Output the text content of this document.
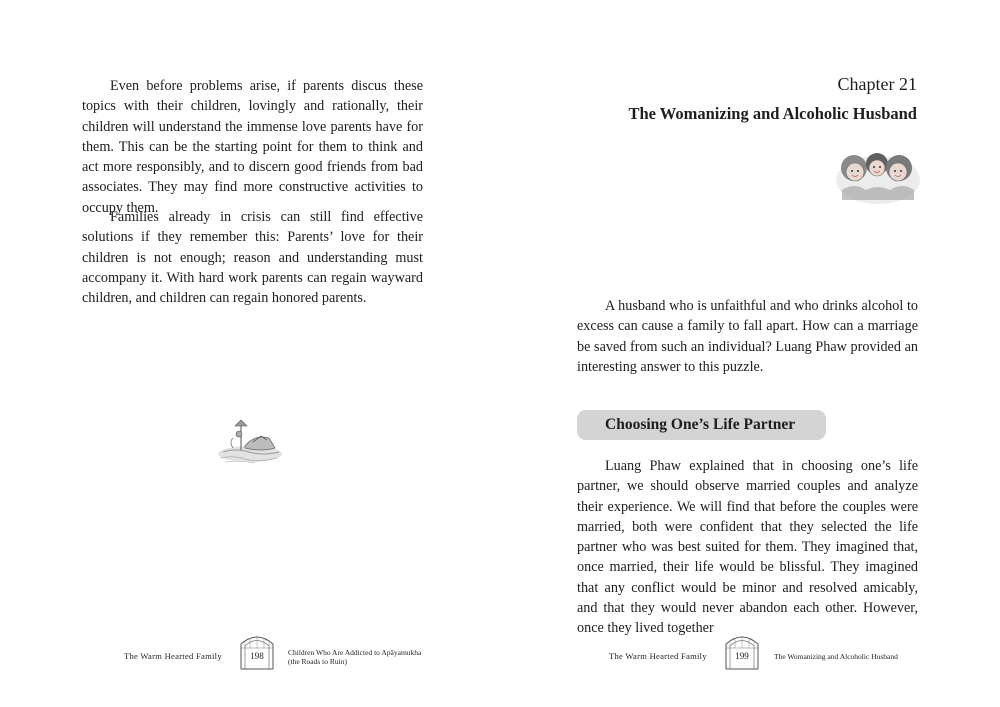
Even before problems arise, if parents discus these topics with their children, lovingly and rationally, their children will understand the immense love parents have for them. This can be the starting point for them to think and act more responsibly, and to discern good friends from bad associates. They may find more constructive activities to occupy them.

Families already in crisis can still find effective solutions if they remember this: Parents’ love for their children is not enough; reason and understanding must accompany it. With hard work parents can regain wayward children, and children can regain honored parents.

The Warm Hearted Family	198	Children Who Are Addicted to Apāyamukha
(the Roads to Ruin)
Chapter 21
The Womanizing and Alcoholic Husband

A husband who is unfaithful and who drinks alcohol to excess can cause a family to fall apart. How can a marriage be saved from such an individual? Luang Phaw provided an interesting answer to this puzzle.

Choosing One’s Life Partner

Luang Phaw explained that in choosing one’s life partner, we should observe married couples and analyze their experience. We will find that before the couples were married, both were confident that they selected the life partner who was best suited for them. They imagined that, once married, their life would be blissful. They imagined that any conflict would be minor and resolved amicably, and that they would never abandon each other. However, once they lived together

The Warm Hearted Family	199	The Womanizing and Alcoholic Husband
